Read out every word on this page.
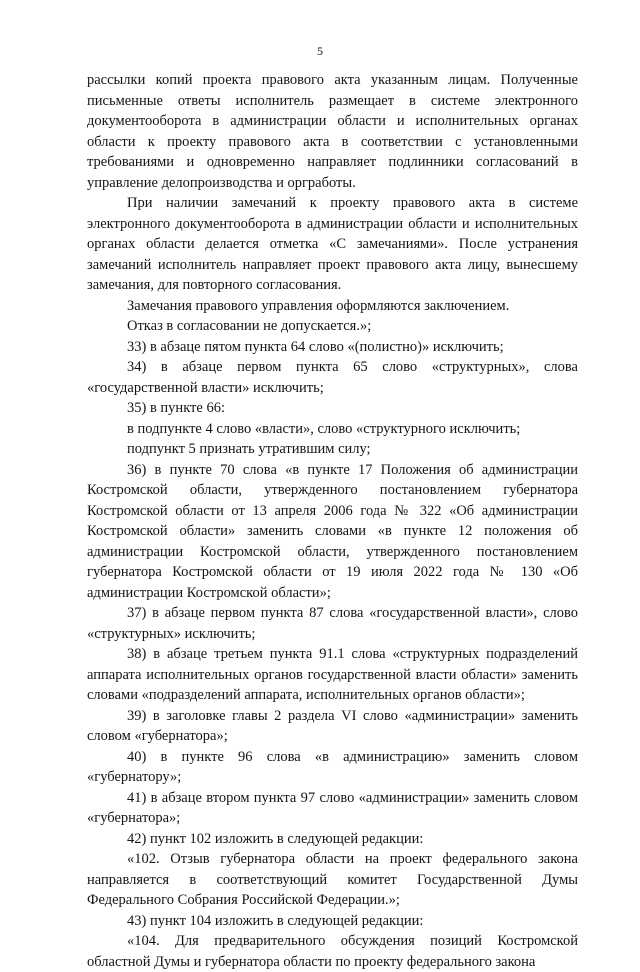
5

рассылки копий проекта правового акта указанным лицам. Полученные письменные ответы исполнитель размещает в системе электронного документооборота в администрации области и исполнительных органах области к проекту правового акта в соответствии с установленными требованиями и одновременно направляет подлинники согласований в управление делопроизводства и оргработы.

При наличии замечаний к проекту правового акта в системе электронного документооборота в администрации области и исполнительных органах области делается отметка «С замечаниями». После устранения замечаний исполнитель направляет проект правового акта лицу, вынесшему замечания, для повторного согласования.

Замечания правового управления оформляются заключением.

Отказ в согласовании не допускается.»;

33) в абзаце пятом пункта 64 слово «(полистно)» исключить;

34) в абзаце первом пункта 65 слово «структурных», слова «государственной власти» исключить;

35) в пункте 66:

в подпункте 4 слово «власти», слово «структурного исключить;

подпункт 5 признать утратившим силу;

36) в пункте 70 слова «в пункте 17 Положения об администрации Костромской области, утвержденного постановлением губернатора Костромской области от 13 апреля 2006 года № 322 «Об администрации Костромской области» заменить словами «в пункте 12 положения об администрации Костромской области, утвержденного постановлением губернатора Костромской области от 19 июля 2022 года № 130 «Об администрации Костромской области»;

37) в абзаце первом пункта 87 слова «государственной власти», слово «структурных» исключить;

38) в абзаце третьем пункта 91.1 слова «структурных подразделений аппарата исполнительных органов государственной власти области» заменить словами «подразделений аппарата, исполнительных органов области»;

39) в заголовке главы 2 раздела VI слово «администрации» заменить словом «губернатора»;

40) в пункте 96 слова «в администрацию» заменить словом «губернатору»;

41) в абзаце втором пункта 97 слово «администрации» заменить словом «губернатора»;

42) пункт 102 изложить в следующей редакции:

«102. Отзыв губернатора области на проект федерального закона направляется в соответствующий комитет Государственной Думы Федерального Собрания Российской Федерации.»;

43) пункт 104 изложить в следующей редакции:

«104. Для предварительного обсуждения позиций Костромской областной Думы и губернатора области по проекту федерального закона
